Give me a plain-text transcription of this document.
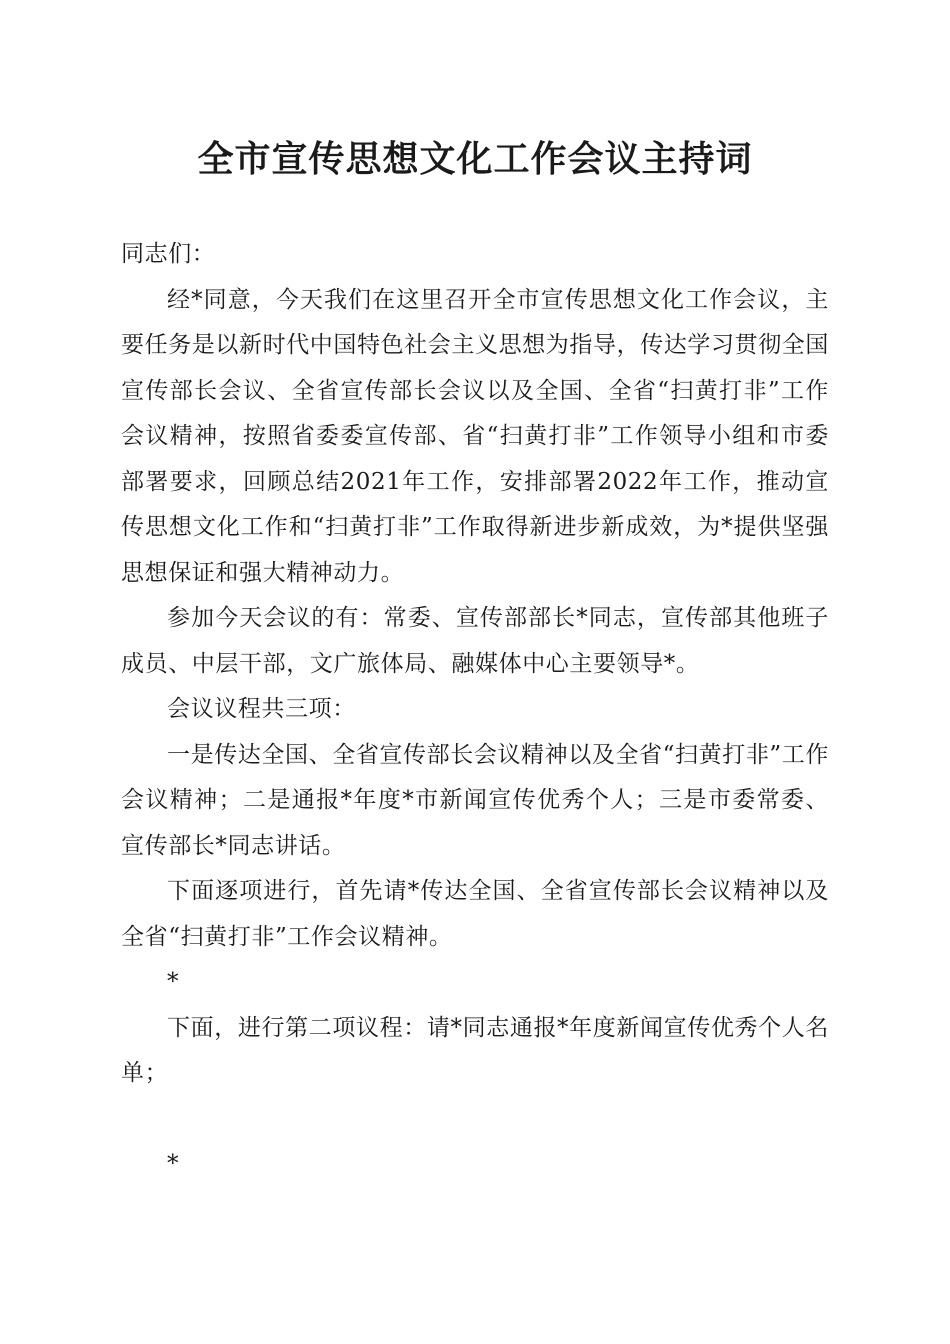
全市宣传思想文化工作会议主持词

同志们：

经*同意，今天我们在这里召开全市宣传思想文化工作会议，主要任务是以新时代中国特色社会主义思想为指导，传达学习贯彻全国宣传部长会议、全省宣传部长会议以及全国、全省“扫黄打非”工作会议精神，按照省委委宣传部、省“扫黄打非”工作领导小组和市委部署要求，回顾总结2021年工作，安排部署2022年工作，推动宣传思想文化工作和“扫黄打非”工作取得新进步新成效，为*提供坚强思想保证和强大精神动力。

参加今天会议的有：常委、宣传部部长*同志，宣传部其他班子成员、中层干部，文广旅体局、融媒体中心主要领导*。

会议议程共三项：

一是传达全国、全省宣传部长会议精神以及全省“扫黄打非”工作会议精神；二是通报*年度*市新闻宣传优秀个人；三是市委常委、宣传部长*同志讲话。

下面逐项进行，首先请*传达全国、全省宣传部长会议精神以及全省“扫黄打非”工作会议精神。

*

下面，进行第二项议程：请*同志通报*年度新闻宣传优秀个人名单；

*
